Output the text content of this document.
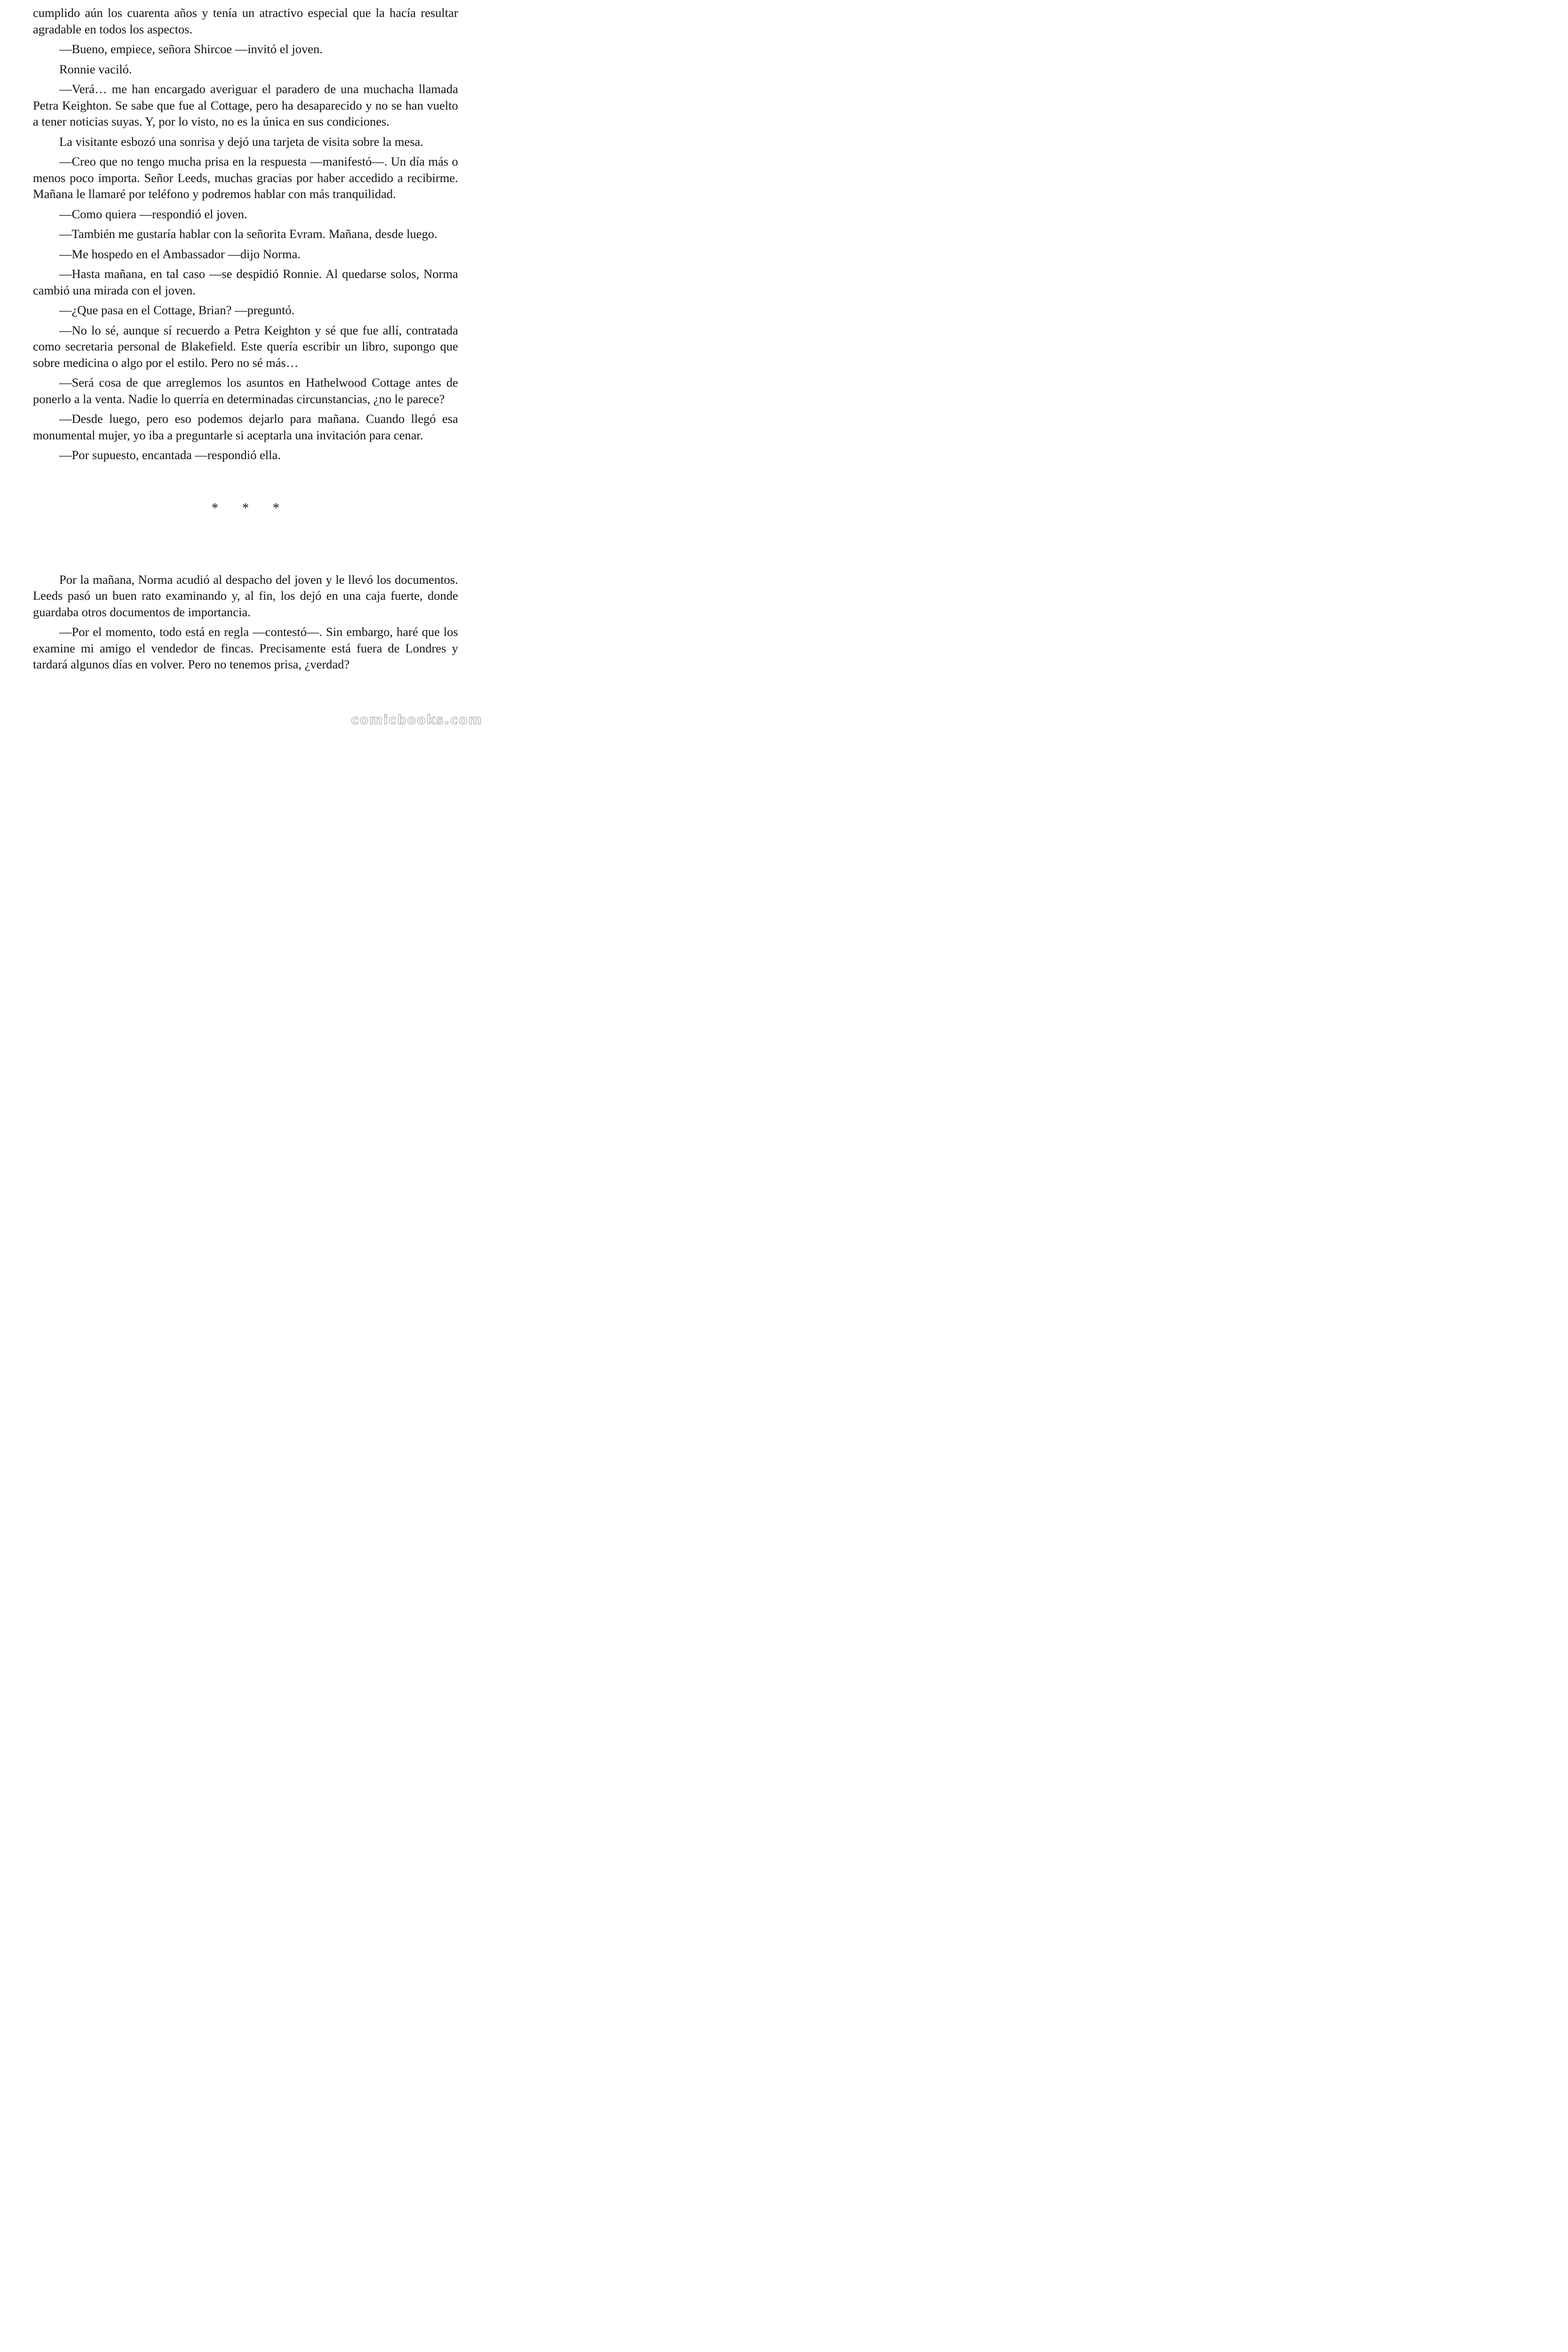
cumplido aún los cuarenta años y tenía un atractivo especial que la hacía resultar agradable en todos los aspectos.

—Bueno, empiece, señora Shircoe —invitó el joven.

Ronnie vaciló.

—Verá… me han encargado averiguar el paradero de una muchacha llamada Petra Keighton. Se sabe que fue al Cottage, pero ha desaparecido y no se han vuelto a tener noticias suyas. Y, por lo visto, no es la única en sus condiciones.

La visitante esbozó una sonrisa y dejó una tarjeta de visita sobre la mesa.

—Creo que no tengo mucha prisa en la respuesta —manifestó—. Un día más o menos poco importa. Señor Leeds, muchas gracias por haber accedido a recibirme. Mañana le llamaré por teléfono y podremos hablar con más tranquilidad.

—Como quiera —respondió el joven.

—También me gustaría hablar con la señorita Evram. Mañana, desde luego.

—Me hospedo en el Ambassador —dijo Norma.

—Hasta mañana, en tal caso —se despidió Ronnie. Al quedarse solos, Norma cambió una mirada con el joven.

—¿Que pasa en el Cottage, Brian? —preguntó.

—No lo sé, aunque sí recuerdo a Petra Keighton y sé que fue allí, contratada como secretaria personal de Blakefield. Este quería escribir un libro, supongo que sobre medicina o algo por el estilo. Pero no sé más…

—Será cosa de que arreglemos los asuntos en Hathelwood Cottage antes de ponerlo a la venta. Nadie lo querría en determinadas circunstancias, ¿no le parece?

—Desde luego, pero eso podemos dejarlo para mañana. Cuando llegó esa monumental mujer, yo iba a preguntarle si aceptarla una invitación para cenar.

—Por supuesto, encantada —respondió ella.

* * *

Por la mañana, Norma acudió al despacho del joven y le llevó los documentos. Leeds pasó un buen rato examinando y, al fin, los dejó en una caja fuerte, donde guardaba otros documentos de importancia.

—Por el momento, todo está en regla —contestó—. Sin embargo, haré que los examine mi amigo el vendedor de fincas. Precisamente está fuera de Londres y tardará algunos días en volver. Pero no tenemos prisa, ¿verdad?

comicbooks.com
